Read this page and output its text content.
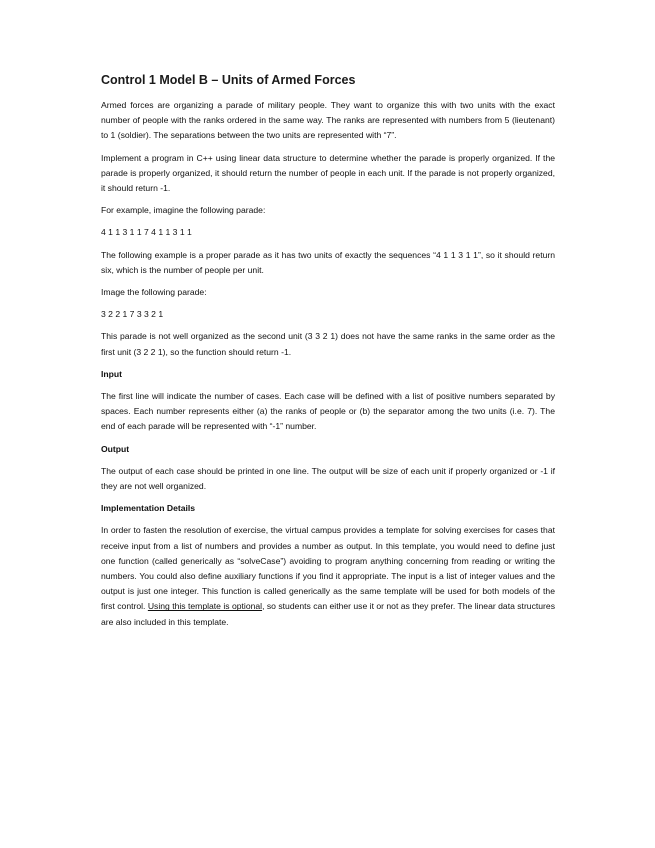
Control 1 Model B – Units of Armed Forces

Armed forces are organizing a parade of military people. They want to organize this with two units with the exact number of people with the ranks ordered in the same way. The ranks are represented with numbers from 5 (lieutenant) to 1 (soldier). The separations between the two units are represented with “7”.

Implement a program in C++ using linear data structure to determine whether the parade is properly organized. If the parade is properly organized, it should return the number of people in each unit. If the parade is not properly organized, it should return -1.

For example, imagine the following parade:

4 1 1 3 1 1 7 4 1 1 3 1 1

The following example is a proper parade as it has two units of exactly the sequences “4 1 1 3 1 1”, so it should return six, which is the number of people per unit.

Image the following parade:

3 2 2 1 7 3 3 2 1

This parade is not well organized as the second unit (3 3 2 1) does not have the same ranks in the same order as the first unit (3 2 2 1), so the function should return -1.

Input

The first line will indicate the number of cases. Each case will be defined with a list of positive numbers separated by spaces. Each number represents either (a) the ranks of people or (b) the separator among the two units (i.e. 7). The end of each parade will be represented with “-1” number.

Output

The output of each case should be printed in one line. The output will be size of each unit if properly organized or -1 if they are not well organized.

Implementation Details

In order to fasten the resolution of exercise, the virtual campus provides a template for solving exercises for cases that receive input from a list of numbers and provides a number as output. In this template, you would need to define just one function (called generically as “solveCase”) avoiding to program anything concerning from reading or writing the numbers. You could also define auxiliary functions if you find it appropriate. The input is a list of integer values and the output is just one integer. This function is called generically as the same template will be used for both models of the first control. Using this template is optional, so students can either use it or not as they prefer. The linear data structures are also included in this template.
